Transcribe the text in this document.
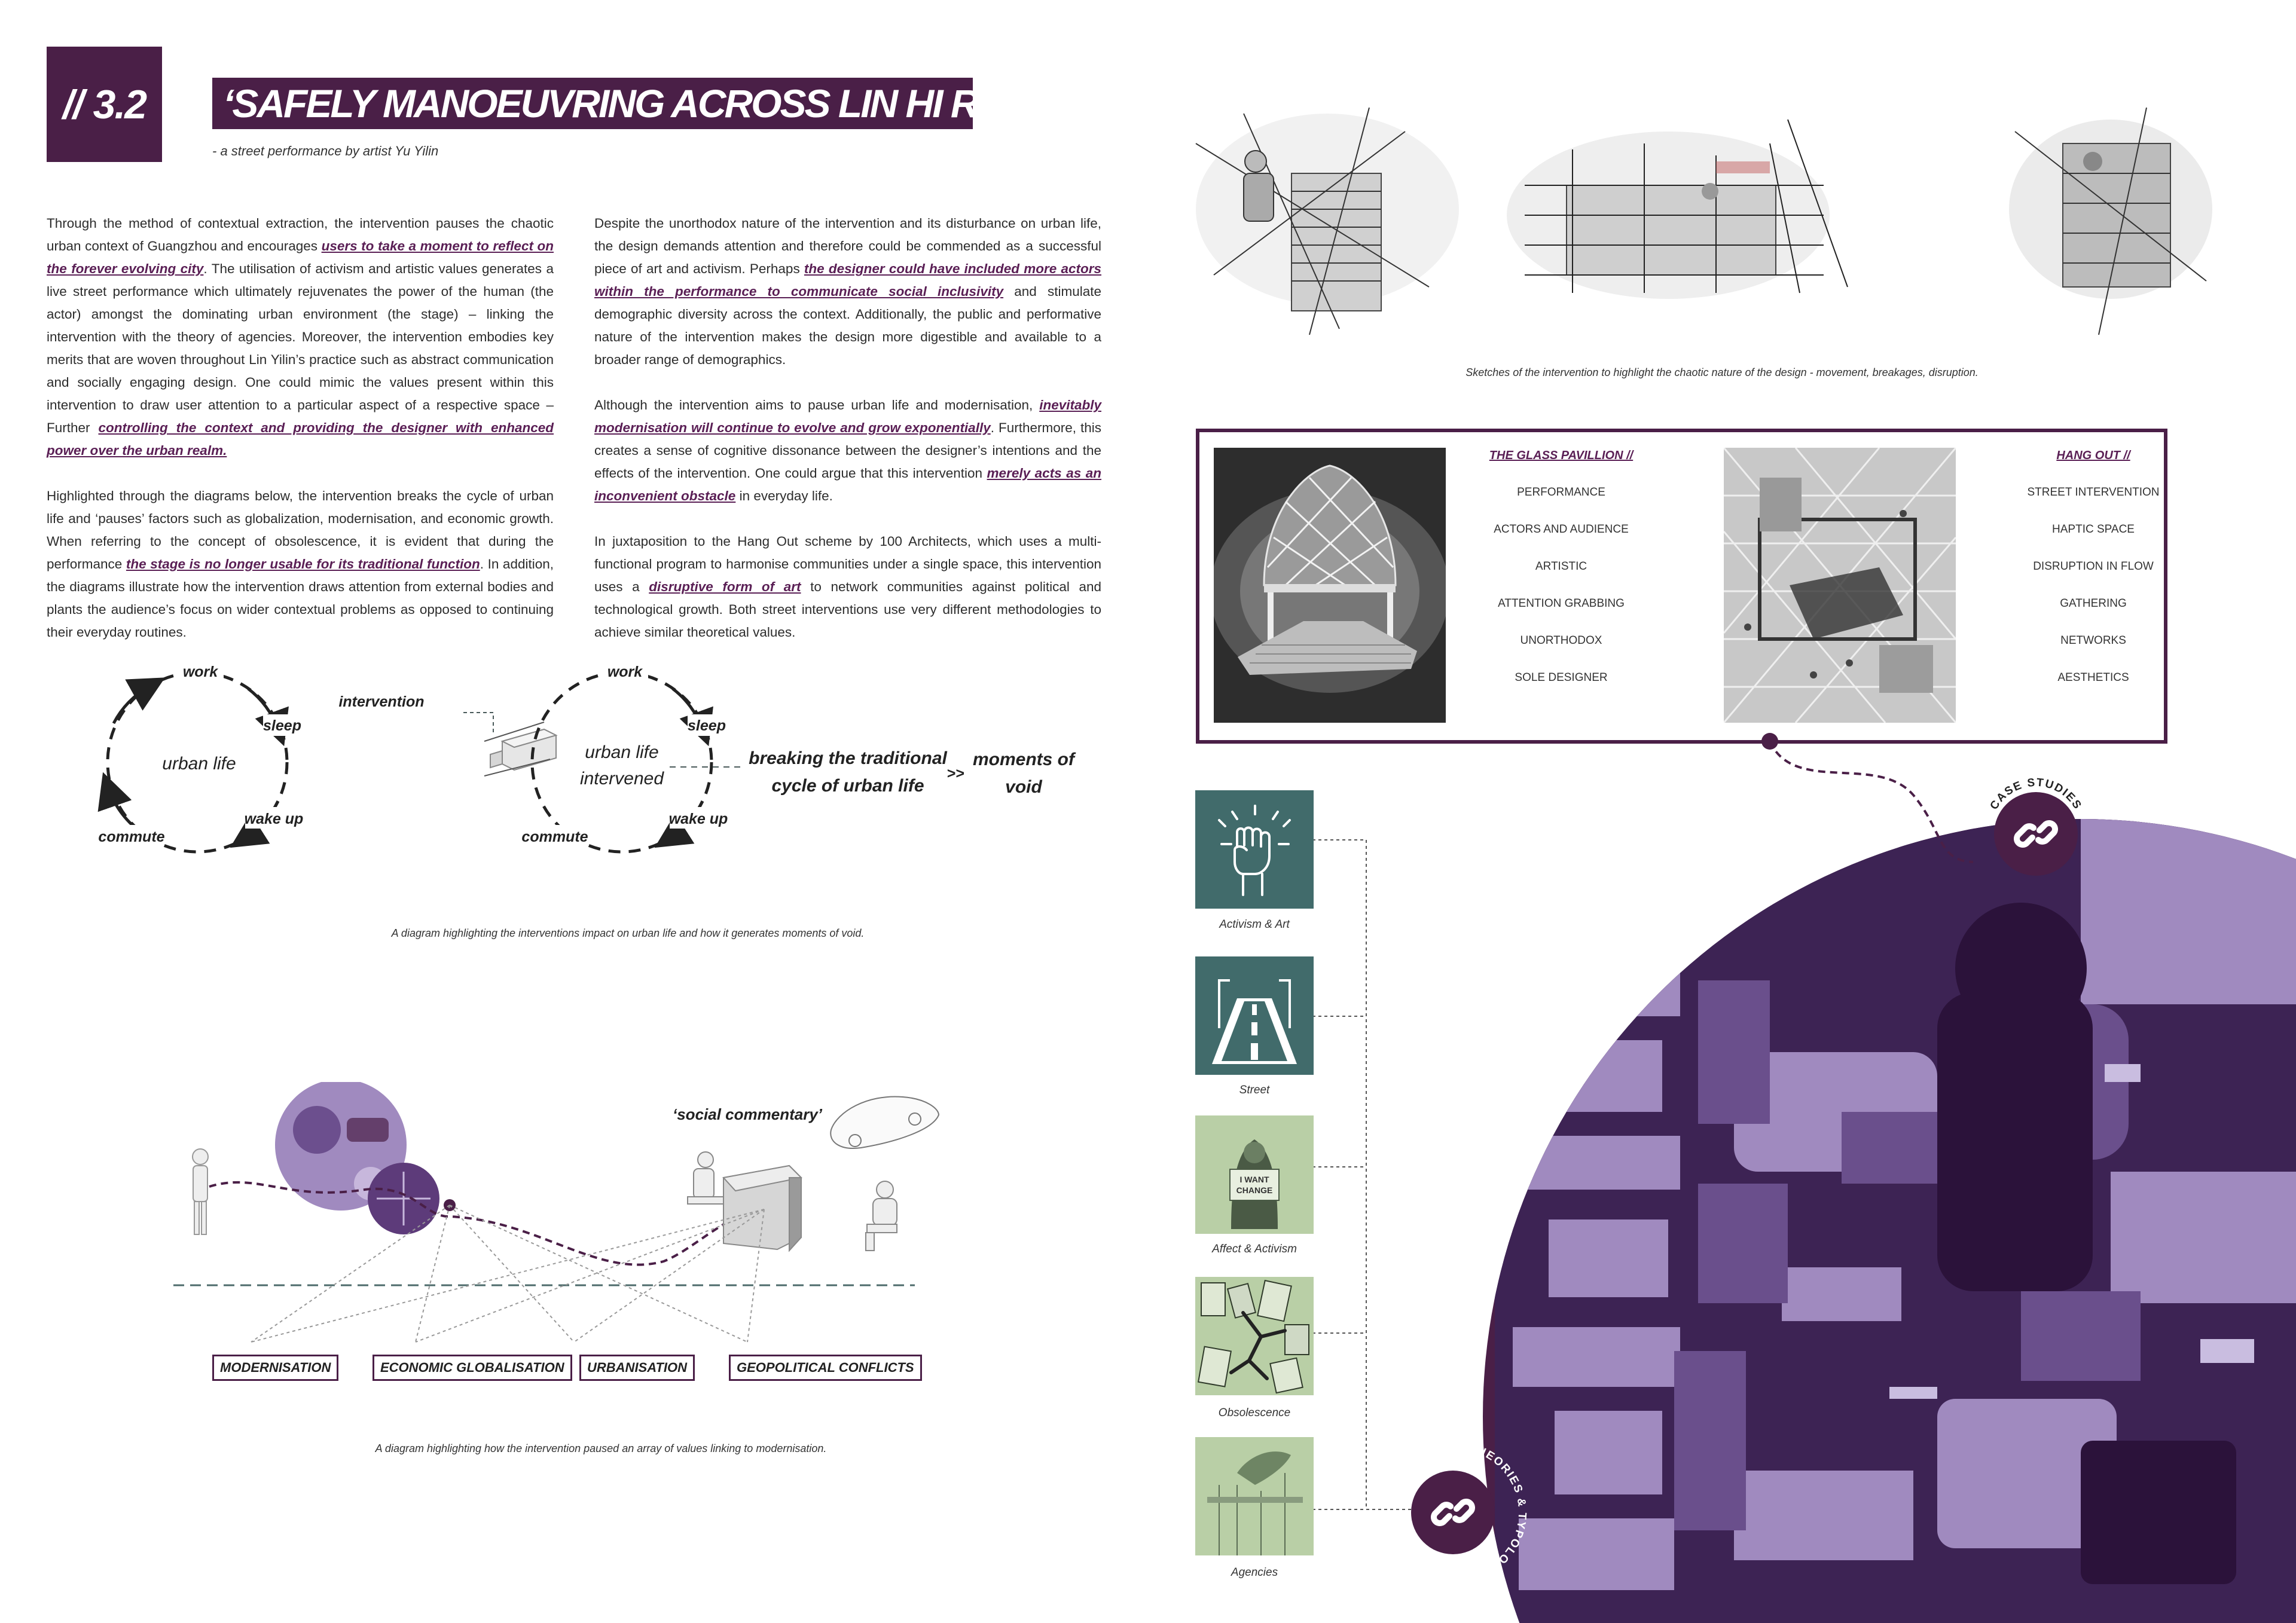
// 3.2	‘SAFELY MANOEUVRING ACROSS LIN HI ROAD’
- a street performance by artist Yu Yilin

Through the method of contextual extraction, the intervention pauses the chaotic urban context of Guangzhou and encourages users to take a moment to reflect on the forever evolving city. The utilisation of activism and artistic values generates a live street performance which ultimately rejuvenates the power of the human (the actor) amongst the dominating urban environment (the stage) – linking the intervention with the theory of agencies. Moreover, the intervention embodies key merits that are woven throughout Lin Yilin’s practice such as abstract communication and socially engaging design. One could mimic the values present within this intervention to draw user attention to a particular aspect of a respective space – Further controlling the context and providing the designer with enhanced power over the urban realm.

Highlighted through the diagrams below, the intervention breaks the cycle of urban life and ‘pauses’ factors such as globalization, modernisation, and economic growth. When referring to the concept of obsolescence, it is evident that during the performance the stage is no longer usable for its traditional function. In addition, the diagrams illustrate how the intervention draws attention from external bodies and plants the audience’s focus on wider contextual problems as opposed to continuing their everyday routines.

Despite the unorthodox nature of the intervention and its disturbance on urban life, the design demands attention and therefore could be commended as a successful piece of art and activism. Perhaps the designer could have included more actors within the performance to communicate social inclusivity and stimulate demographic diversity across the context. Additionally, the public and performative nature of the intervention makes the design more digestible and available to a broader range of demographics.

Although the intervention aims to pause urban life and modernisation, inevitably modernisation will continue to evolve and grow exponentially. Furthermore, this creates a sense of cognitive dissonance between the designer’s intentions and the effects of the intervention. One could argue that this intervention merely acts as an inconvenient obstacle in everyday life.

In juxtaposition to the Hang Out scheme by 100 Architects, which uses a multi-functional program to harmonise communities under a single space, this intervention uses a disruptive form of art to network communities against political and technological growth. Both street interventions use very different methodologies to achieve similar theoretical values.

work
sleep
wake up
commute
urban life
intervention
work
sleep
wake up
commute
urban life
intervened
breaking the traditional
cycle of urban life
>>
moments of
void
A diagram highlighting the interventions impact on urban life and how it generates moments of void.
‘social commentary’
MODERNISATION	ECONOMIC GLOBALISATION	URBANISATION	GEOPOLITICAL CONFLICTS
A diagram highlighting how the intervention paused an array of values linking to modernisation.
Sketches of the intervention to highlight the chaotic nature of the design - movement, breakages, disruption.
THE GLASS PAVILLION //
PERFORMANCE
ACTORS AND AUDIENCE
ARTISTIC
ATTENTION GRABBING
UNORTHODOX
SOLE DESIGNER
HANG OUT //
STREET INTERVENTION
HAPTIC SPACE
DISRUPTION IN FLOW
GATHERING
NETWORKS
AESTHETICS
CASE STUDIES
Activism & Art
Street
I WANT
CHANGE
Affect & Activism
Obsolescence
Agencies
THEORIES & TYPOLOGIES
